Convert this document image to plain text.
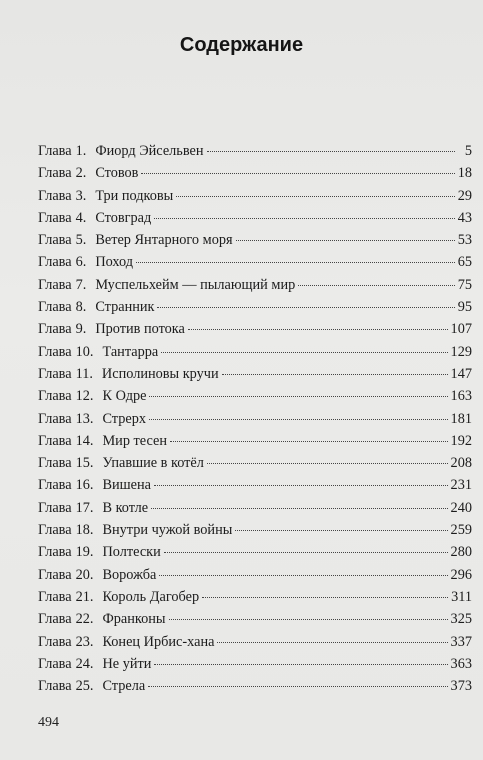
Содержание
Глава 1. Фиорд Эйсельвен	5
Глава 2. Стовов	18
Глава 3. Три подковы	29
Глава 4. Стовград	43
Глава 5. Ветер Янтарного моря	53
Глава 6. Поход	65
Глава 7. Муспельхейм — пылающий мир	75
Глава 8. Странник	95
Глава 9. Против потока	107
Глава 10. Тантарра	129
Глава 11. Исполиновы кручи	147
Глава 12. К Одре	163
Глава 13. Стрерх	181
Глава 14. Мир тесен	192
Глава 15. Упавшие в котёл	208
Глава 16. Вишена	231
Глава 17. В котле	240
Глава 18. Внутри чужой войны	259
Глава 19. Полтески	280
Глава 20. Ворожба	296
Глава 21. Король Дагобер	311
Глава 22. Франконы	325
Глава 23. Конец Ирбис-хана	337
Глава 24. Не уйти	363
Глава 25. Стрела	373
494
